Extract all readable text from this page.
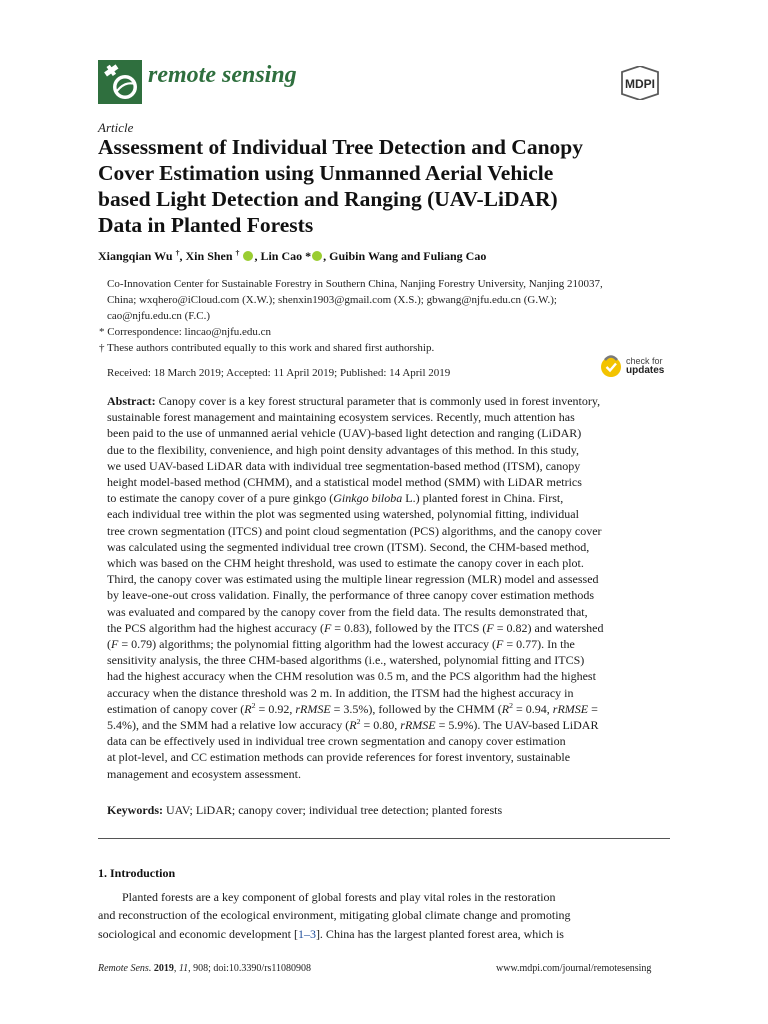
remote sensing	MDPI
Article
Assessment of Individual Tree Detection and Canopy
Cover Estimation using Unmanned Aerial Vehicle
based Light Detection and Ranging (UAV-LiDAR)
Data in Planted Forests
Xiangqian Wu †, Xin Shen † , Lin Cao * , Guibin Wang and Fuliang Cao
Co-Innovation Center for Sustainable Forestry in Southern China, Nanjing Forestry University, Nanjing 210037,
China; wxqhero@iCloud.com (X.W.); shenxin1903@gmail.com (X.S.); gbwang@njfu.edu.cn (G.W.);
cao@njfu.edu.cn (F.C.)
* Correspondence: lincao@njfu.edu.cn
† These authors contributed equally to this work and shared first authorship.
Received: 18 March 2019; Accepted: 11 April 2019; Published: 14 April 2019
check for
updates
Abstract: Canopy cover is a key forest structural parameter that is commonly used in forest inventory,
sustainable forest management and maintaining ecosystem services. Recently, much attention has
been paid to the use of unmanned aerial vehicle (UAV)-based light detection and ranging (LiDAR)
due to the flexibility, convenience, and high point density advantages of this method. In this study,
we used UAV-based LiDAR data with individual tree segmentation-based method (ITSM), canopy
height model-based method (CHMM), and a statistical model method (SMM) with LiDAR metrics
to estimate the canopy cover of a pure ginkgo (Ginkgo biloba L.) planted forest in China. First,
each individual tree within the plot was segmented using watershed, polynomial fitting, individual
tree crown segmentation (ITCS) and point cloud segmentation (PCS) algorithms, and the canopy cover
was calculated using the segmented individual tree crown (ITSM). Second, the CHM-based method,
which was based on the CHM height threshold, was used to estimate the canopy cover in each plot.
Third, the canopy cover was estimated using the multiple linear regression (MLR) model and assessed
by leave-one-out cross validation. Finally, the performance of three canopy cover estimation methods
was evaluated and compared by the canopy cover from the field data. The results demonstrated that,
the PCS algorithm had the highest accuracy (F = 0.83), followed by the ITCS (F = 0.82) and watershed
(F = 0.79) algorithms; the polynomial fitting algorithm had the lowest accuracy (F = 0.77). In the
sensitivity analysis, the three CHM-based algorithms (i.e., watershed, polynomial fitting and ITCS)
had the highest accuracy when the CHM resolution was 0.5 m, and the PCS algorithm had the highest
accuracy when the distance threshold was 2 m. In addition, the ITSM had the highest accuracy in
estimation of canopy cover ($R^2 = 0.92$, rRMSE = 3.5%), followed by the CHMM ($R^2 = 0.94$, rRMSE =
5.4%), and the SMM had a relative low accuracy ($R^2 = 0.80$, rRMSE = 5.9%). The UAV-based LiDAR
data can be effectively used in individual tree crown segmentation and canopy cover estimation
at plot-level, and CC estimation methods can provide references for forest inventory, sustainable
management and ecosystem assessment.
Keywords: UAV; LiDAR; canopy cover; individual tree detection; planted forests
1. Introduction
Planted forests are a key component of global forests and play vital roles in the restoration
and reconstruction of the ecological environment, mitigating global climate change and promoting
sociological and economic development [1–3]. China has the largest planted forest area, which is
Remote Sens. 2019, 11, 908; doi:10.3390/rs11080908	www.mdpi.com/journal/remotesensing
